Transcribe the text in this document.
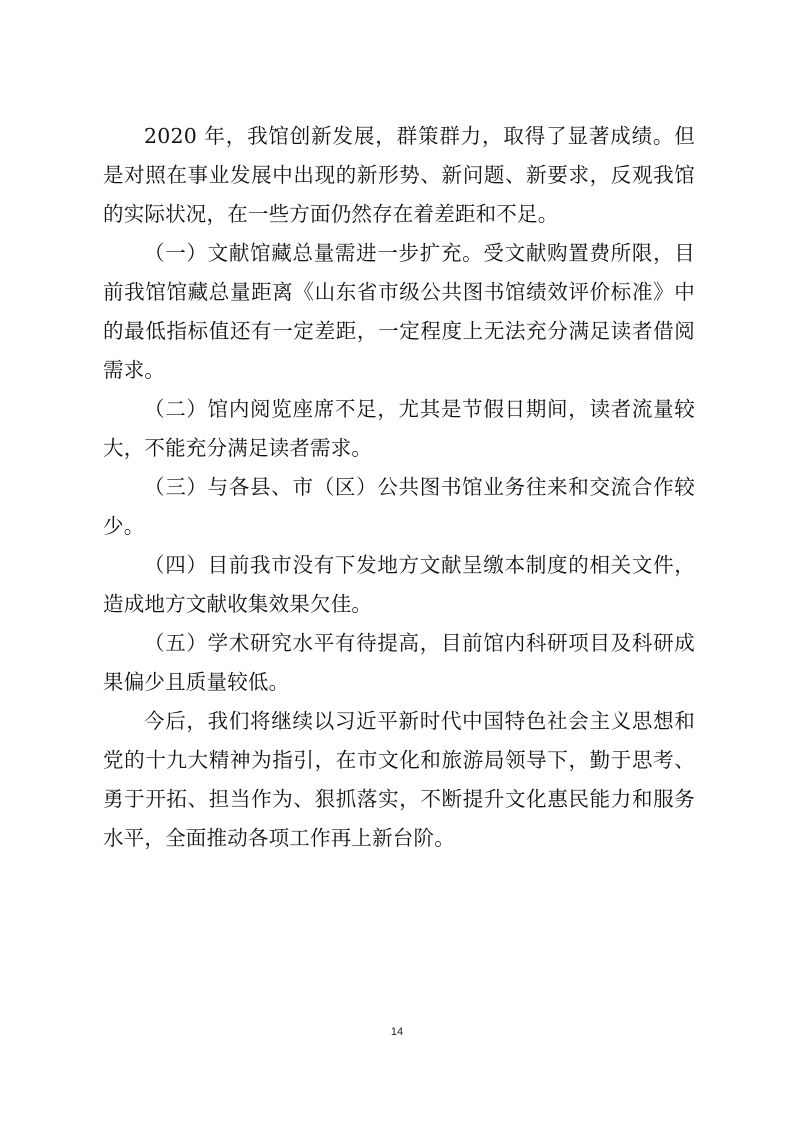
2020 年，我馆创新发展，群策群力，取得了显著成绩。但是对照在事业发展中出现的新形势、新问题、新要求，反观我馆的实际状况，在一些方面仍然存在着差距和不足。

（一）文献馆藏总量需进一步扩充。受文献购置费所限，目前我馆馆藏总量距离《山东省市级公共图书馆绩效评价标准》中的最低指标值还有一定差距，一定程度上无法充分满足读者借阅需求。

（二）馆内阅览座席不足，尤其是节假日期间，读者流量较大，不能充分满足读者需求。

（三）与各县、市（区）公共图书馆业务往来和交流合作较少。

（四）目前我市没有下发地方文献呈缴本制度的相关文件，造成地方文献收集效果欠佳。

（五）学术研究水平有待提高，目前馆内科研项目及科研成果偏少且质量较低。

今后，我们将继续以习近平新时代中国特色社会主义思想和党的十九大精神为指引，在市文化和旅游局领导下，勤于思考、勇于开拓、担当作为、狠抓落实，不断提升文化惠民能力和服务水平，全面推动各项工作再上新台阶。

14
